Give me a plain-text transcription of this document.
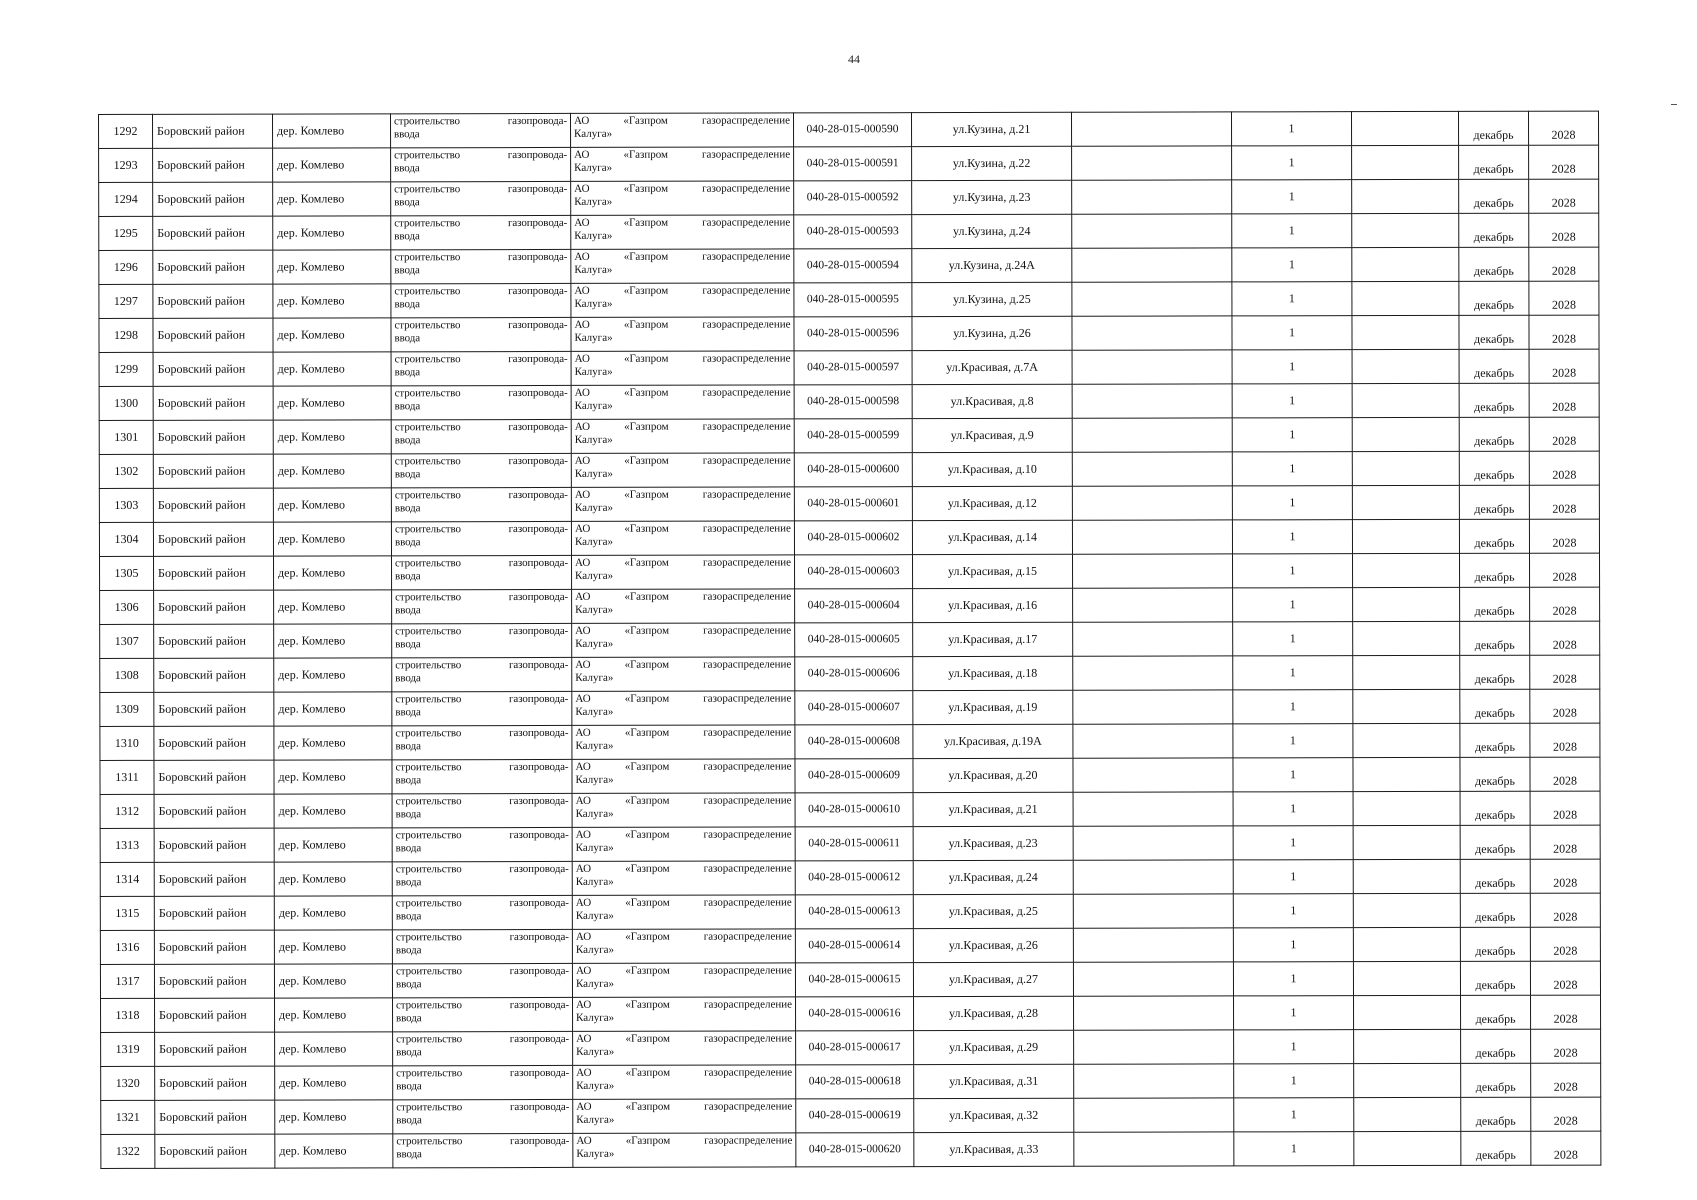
44
1292	Боровский район	дер. Комлево	строительство газопровода-
ввода	АО «Газпром газораспределение
Калуга»	040-28-015-000590	ул.Кузина, д.21		1		декабрь	2028
1293	Боровский район	дер. Комлево	строительство газопровода-
ввода	АО «Газпром газораспределение
Калуга»	040-28-015-000591	ул.Кузина, д.22		1		декабрь	2028
1294	Боровский район	дер. Комлево	строительство газопровода-
ввода	АО «Газпром газораспределение
Калуга»	040-28-015-000592	ул.Кузина, д.23		1		декабрь	2028
1295	Боровский район	дер. Комлево	строительство газопровода-
ввода	АО «Газпром газораспределение
Калуга»	040-28-015-000593	ул.Кузина, д.24		1		декабрь	2028
1296	Боровский район	дер. Комлево	строительство газопровода-
ввода	АО «Газпром газораспределение
Калуга»	040-28-015-000594	ул.Кузина, д.24А		1		декабрь	2028
1297	Боровский район	дер. Комлево	строительство газопровода-
ввода	АО «Газпром газораспределение
Калуга»	040-28-015-000595	ул.Кузина, д.25		1		декабрь	2028
1298	Боровский район	дер. Комлево	строительство газопровода-
ввода	АО «Газпром газораспределение
Калуга»	040-28-015-000596	ул.Кузина, д.26		1		декабрь	2028
1299	Боровский район	дер. Комлево	строительство газопровода-
ввода	АО «Газпром газораспределение
Калуга»	040-28-015-000597	ул.Красивая, д.7А		1		декабрь	2028
1300	Боровский район	дер. Комлево	строительство газопровода-
ввода	АО «Газпром газораспределение
Калуга»	040-28-015-000598	ул.Красивая, д.8		1		декабрь	2028
1301	Боровский район	дер. Комлево	строительство газопровода-
ввода	АО «Газпром газораспределение
Калуга»	040-28-015-000599	ул.Красивая, д.9		1		декабрь	2028
1302	Боровский район	дер. Комлево	строительство газопровода-
ввода	АО «Газпром газораспределение
Калуга»	040-28-015-000600	ул.Красивая, д.10		1		декабрь	2028
1303	Боровский район	дер. Комлево	строительство газопровода-
ввода	АО «Газпром газораспределение
Калуга»	040-28-015-000601	ул.Красивая, д.12		1		декабрь	2028
1304	Боровский район	дер. Комлево	строительство газопровода-
ввода	АО «Газпром газораспределение
Калуга»	040-28-015-000602	ул.Красивая, д.14		1		декабрь	2028
1305	Боровский район	дер. Комлево	строительство газопровода-
ввода	АО «Газпром газораспределение
Калуга»	040-28-015-000603	ул.Красивая, д.15		1		декабрь	2028
1306	Боровский район	дер. Комлево	строительство газопровода-
ввода	АО «Газпром газораспределение
Калуга»	040-28-015-000604	ул.Красивая, д.16		1		декабрь	2028
1307	Боровский район	дер. Комлево	строительство газопровода-
ввода	АО «Газпром газораспределение
Калуга»	040-28-015-000605	ул.Красивая, д.17		1		декабрь	2028
1308	Боровский район	дер. Комлево	строительство газопровода-
ввода	АО «Газпром газораспределение
Калуга»	040-28-015-000606	ул.Красивая, д.18		1		декабрь	2028
1309	Боровский район	дер. Комлево	строительство газопровода-
ввода	АО «Газпром газораспределение
Калуга»	040-28-015-000607	ул.Красивая, д.19		1		декабрь	2028
1310	Боровский район	дер. Комлево	строительство газопровода-
ввода	АО «Газпром газораспределение
Калуга»	040-28-015-000608	ул.Красивая, д.19А		1		декабрь	2028
1311	Боровский район	дер. Комлево	строительство газопровода-
ввода	АО «Газпром газораспределение
Калуга»	040-28-015-000609	ул.Красивая, д.20		1		декабрь	2028
1312	Боровский район	дер. Комлево	строительство газопровода-
ввода	АО «Газпром газораспределение
Калуга»	040-28-015-000610	ул.Красивая, д.21		1		декабрь	2028
1313	Боровский район	дер. Комлево	строительство газопровода-
ввода	АО «Газпром газораспределение
Калуга»	040-28-015-000611	ул.Красивая, д.23		1		декабрь	2028
1314	Боровский район	дер. Комлево	строительство газопровода-
ввода	АО «Газпром газораспределение
Калуга»	040-28-015-000612	ул.Красивая, д.24		1		декабрь	2028
1315	Боровский район	дер. Комлево	строительство газопровода-
ввода	АО «Газпром газораспределение
Калуга»	040-28-015-000613	ул.Красивая, д.25		1		декабрь	2028
1316	Боровский район	дер. Комлево	строительство газопровода-
ввода	АО «Газпром газораспределение
Калуга»	040-28-015-000614	ул.Красивая, д.26		1		декабрь	2028
1317	Боровский район	дер. Комлево	строительство газопровода-
ввода	АО «Газпром газораспределение
Калуга»	040-28-015-000615	ул.Красивая, д.27		1		декабрь	2028
1318	Боровский район	дер. Комлево	строительство газопровода-
ввода	АО «Газпром газораспределение
Калуга»	040-28-015-000616	ул.Красивая, д.28		1		декабрь	2028
1319	Боровский район	дер. Комлево	строительство газопровода-
ввода	АО «Газпром газораспределение
Калуга»	040-28-015-000617	ул.Красивая, д.29		1		декабрь	2028
1320	Боровский район	дер. Комлево	строительство газопровода-
ввода	АО «Газпром газораспределение
Калуга»	040-28-015-000618	ул.Красивая, д.31		1		декабрь	2028
1321	Боровский район	дер. Комлево	строительство газопровода-
ввода	АО «Газпром газораспределение
Калуга»	040-28-015-000619	ул.Красивая, д.32		1		декабрь	2028
1322	Боровский район	дер. Комлево	строительство газопровода-
ввода	АО «Газпром газораспределение
Калуга»	040-28-015-000620	ул.Красивая, д.33		1		декабрь	2028
